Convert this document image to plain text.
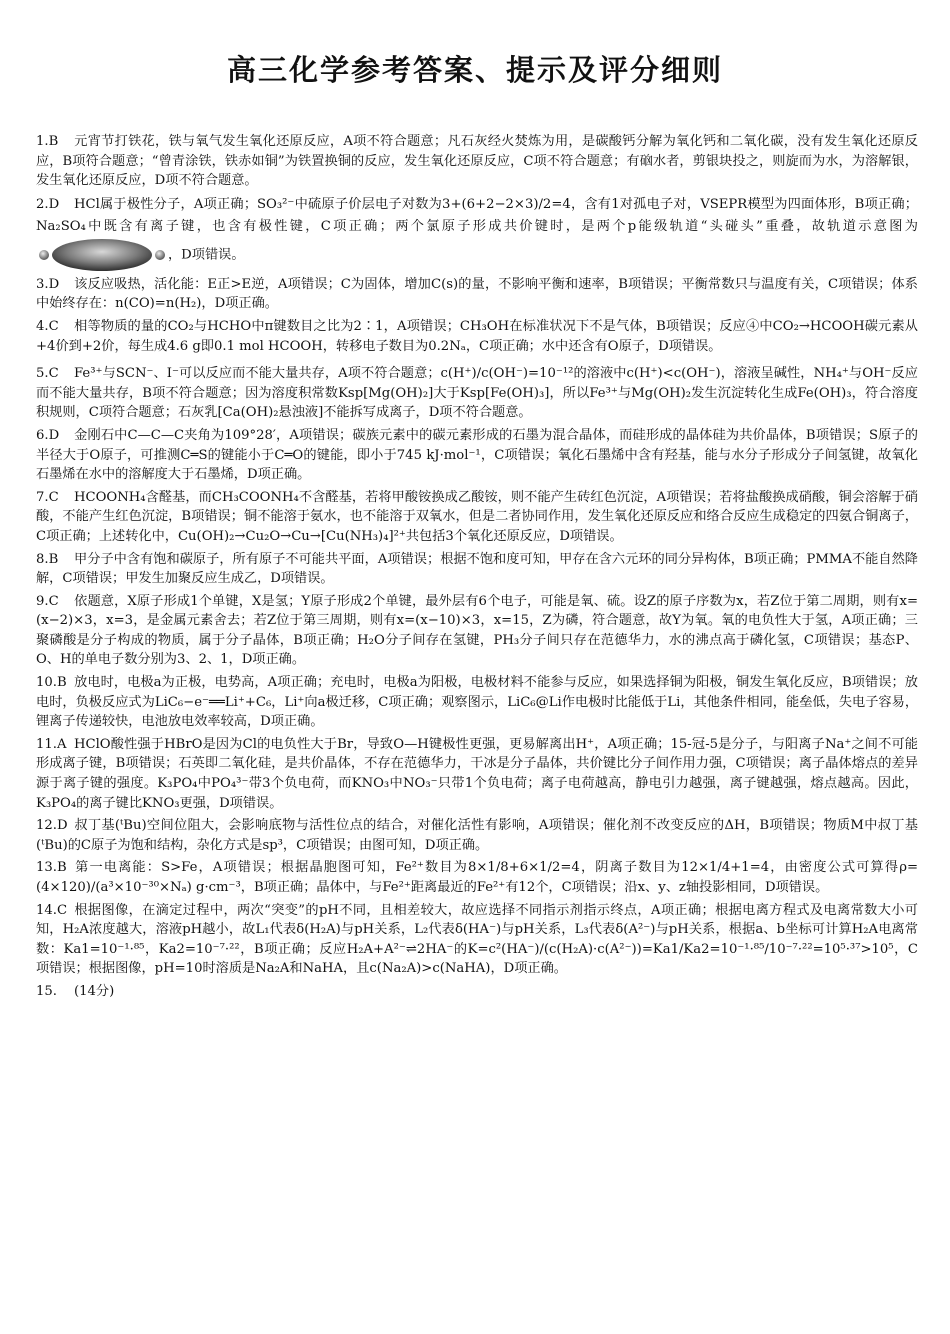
高三化学参考答案、提示及评分细则
1.B 元宵节打铁花，铁与氧气发生氧化还原反应，A项不符合题意；凡石灰经火焚炼为用，是碳酸钙分解为氧化钙和二氧化碳，没有发生氧化还原反应，B项符合题意；“曾青涂铁，铁赤如铜”为铁置换铜的反应，发生氧化还原反应，C项不符合题意；有硇水者，剪银块投之，则旋而为水，为溶解银，发生氧化还原反应，D项不符合题意。
2.D HCl属于极性分子，A项正确；SO₃²⁻中硫原子价层电子对数为3+(6+2−2×3)/2=4，含有1对孤电子对，VSEPR模型为四面体形，B项正确；Na₂SO₄中既含有离子键，也含有极性键，C项正确；两个氯原子形成共价键时，是两个p能级轨道“头碰头”重叠，故轨道示意图为
，D项错误。
3.D 该反应吸热，活化能：E正>E逆，A项错误；C为固体，增加C(s)的量，不影响平衡和速率，B项错误；平衡常数只与温度有关，C项错误；体系中始终存在：n(CO)=n(H₂)，D项正确。
4.C 相等物质的量的CO₂与HCHO中π键数目之比为2∶1，A项错误；CH₃OH在标准状况下不是气体，B项错误；反应④中CO₂→HCOOH碳元素从+4价到+2价，每生成4.6 g即0.1 mol HCOOH，转移电子数目为0.2Nₐ，C项正确；水中还含有O原子，D项错误。
5.C Fe³⁺与SCN⁻、I⁻可以反应而不能大量共存，A项不符合题意；c(H⁺)/c(OH⁻)=10⁻¹²的溶液中c(H⁺)<c(OH⁻)，溶液呈碱性，NH₄⁺与OH⁻反应而不能大量共存，B项不符合题意；因为溶度积常数Ksp[Mg(OH)₂]大于Ksp[Fe(OH)₃]，所以Fe³⁺与Mg(OH)₂发生沉淀转化生成Fe(OH)₃，符合溶度积规则，C项符合题意；石灰乳[Ca(OH)₂悬浊液]不能拆写成离子，D项不符合题意。
6.D 金刚石中C—C—C夹角为109°28′，A项错误；碳族元素中的碳元素形成的石墨为混合晶体，而硅形成的晶体硅为共价晶体，B项错误；S原子的半径大于O原子，可推测C═S的键能小于C═O的键能，即小于745 kJ·mol⁻¹，C项错误；氧化石墨烯中含有羟基，能与水分子形成分子间氢键，故氧化石墨烯在水中的溶解度大于石墨烯，D项正确。
7.C HCOONH₄含醛基，而CH₃COONH₄不含醛基，若将甲酸铵换成乙酸铵，则不能产生砖红色沉淀，A项错误；若将盐酸换成硝酸，铜会溶解于硝酸，不能产生红色沉淀，B项错误；铜不能溶于氨水，也不能溶于双氧水，但是二者协同作用，发生氧化还原反应和络合反应生成稳定的四氨合铜离子，C项正确；上述转化中，Cu(OH)₂→Cu₂O→Cu→[Cu(NH₃)₄]²⁺共包括3个氧化还原反应，D项错误。
8.B 甲分子中含有饱和碳原子，所有原子不可能共平面，A项错误；根据不饱和度可知，甲存在含六元环的同分异构体，B项正确；PMMA不能自然降解，C项错误；甲发生加聚反应生成乙，D项错误。
9.C 依题意，X原子形成1个单键，X是氢；Y原子形成2个单键，最外层有6个电子，可能是氧、硫。设Z的原子序数为x，若Z位于第二周期，则有x=(x−2)×3，x=3，是金属元素舍去；若Z位于第三周期，则有x=(x−10)×3，x=15，Z为磷，符合题意，故Y为氧。氧的电负性大于氢，A项正确；三聚磷酸是分子构成的物质，属于分子晶体，B项正确；H₂O分子间存在氢键，PH₃分子间只存在范德华力，水的沸点高于磷化氢，C项错误；基态P、O、H的单电子数分别为3、2、1，D项正确。
10.B 放电时，电极a为正极，电势高，A项正确；充电时，电极a为阳极，电极材料不能参与反应，如果选择铜为阳极，铜发生氧化反应，B项错误；放电时，负极反应式为LiC₆−e⁻══Li⁺+C₆，Li⁺向a极迁移，C项正确；观察图示，LiC₆@Li作电极时比能低于Li，其他条件相同，能垒低，失电子容易，锂离子传递较快，电池放电效率较高，D项正确。
11.A HClO酸性强于HBrO是因为Cl的电负性大于Br，导致O—H键极性更强，更易解离出H⁺，A项正确；15-冠-5是分子，与阳离子Na⁺之间不可能形成离子键，B项错误；石英即二氧化硅，是共价晶体，不存在范德华力，干冰是分子晶体，共价键比分子间作用力强，C项错误；离子晶体熔点的差异源于离子键的强度。K₃PO₄中PO₄³⁻带3个负电荷，而KNO₃中NO₃⁻只带1个负电荷；离子电荷越高，静电引力越强，离子键越强，熔点越高。因此，K₃PO₄的离子键比KNO₃更强，D项错误。
12.D 叔丁基(ᵗBu)空间位阻大，会影响底物与活性位点的结合，对催化活性有影响，A项错误；催化剂不改变反应的ΔH，B项错误；物质M中叔丁基(ᵗBu)的C原子为饱和结构，杂化方式是sp³，C项错误；由图可知，D项正确。
13.B 第一电离能：S>Fe，A项错误；根据晶胞图可知，Fe²⁺数目为8×1/8+6×1/2=4，阴离子数目为12×1/4+1=4，由密度公式可算得ρ=(4×120)/(a³×10⁻³⁰×Nₐ) g·cm⁻³，B项正确；晶体中，与Fe²⁺距离最近的Fe²⁺有12个，C项错误；沿x、y、z轴投影相同，D项错误。
14.C 根据图像，在滴定过程中，两次“突变”的pH不同，且相差较大，故应选择不同指示剂指示终点，A项正确；根据电离方程式及电离常数大小可知，H₂A浓度越大，溶液pH越小，故L₁代表δ(H₂A)与pH关系，L₂代表δ(HA⁻)与pH关系，L₃代表δ(A²⁻)与pH关系，根据a、b坐标可计算H₂A电离常数：Ka1=10⁻¹·⁸⁵，Ka2=10⁻⁷·²²，B项正确；反应H₂A+A²⁻⇌2HA⁻的K=c²(HA⁻)/(c(H₂A)·c(A²⁻))=Ka1/Ka2=10⁻¹·⁸⁵/10⁻⁷·²²=10⁵·³⁷>10⁵，C项错误；根据图像，pH=10时溶质是Na₂A和NaHA，且c(Na₂A)>c(NaHA)，D项正确。
15. (14分)
